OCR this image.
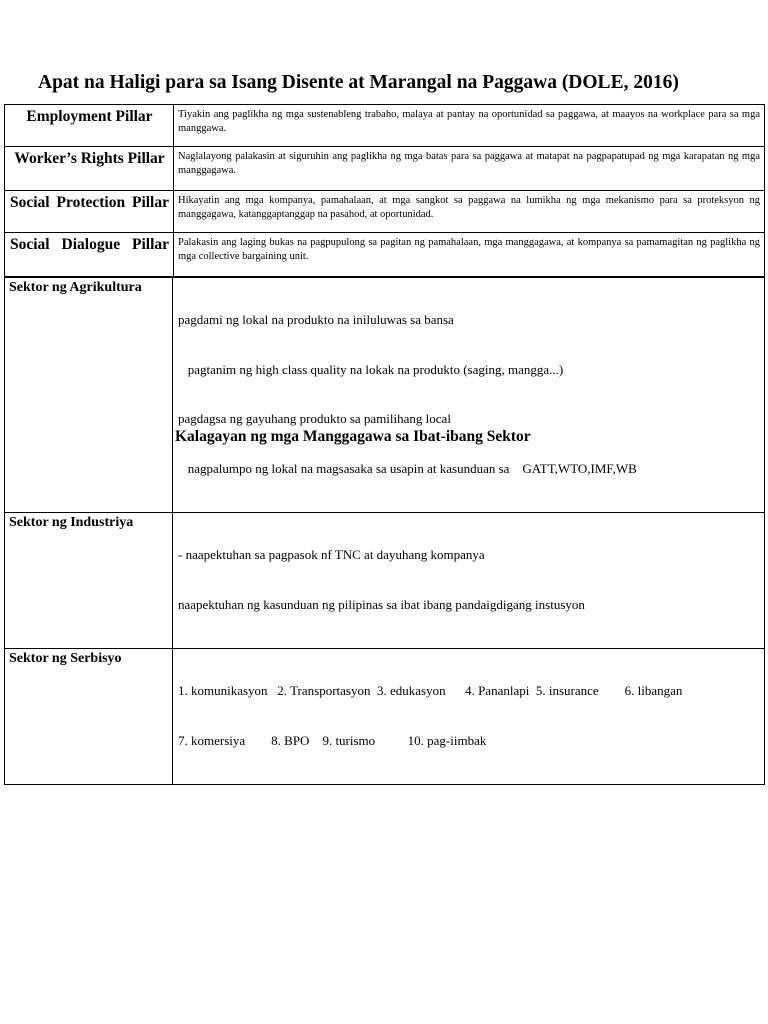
Apat na Haligi para sa Isang Disente at Marangal na Paggawa (DOLE, 2016)
Employment Pillar	Tiyakin ang paglikha ng mga sustenableng trabaho, malaya at pantay na oportunidad sa paggawa, at maayos na workplace para sa mga manggawa.
Worker’s Rights Pillar	Naglalayong palakasin at siguruhin ang paglikha ng mga batas para sa paggawa at matapat na pagpapatupad ng mga karapatan ng mga manggagawa.
Social Protection Pillar	Hikayatin ang mga kompanya, pamahalaan, at mga sangkot sa paggawa na lumikha ng mga mekanismo para sa proteksyon ng manggagawa, katanggaptanggap na pasahod, at oportunidad.
Social Dialogue Pillar	Palakasin ang laging bukas na pagpupulong sa pagitan ng pamahalaan, mga manggagawa, at kompanya sa pamamagitan ng paglikha ng mga collective bargaining unit.
Sektor ng Agrikultura	pagdami ng lokal na produkto na iniluluwas sa bansa

pagtanim ng high class quality na lokak na produkto (saging, mangga...)

pagdagsa ng gayuhang produkto sa pamilihang local

nagpalumpo ng lokal na magsasaka sa usapin at kasunduan sa    GATT,WTO,IMF,WB

Sektor ng Industriya	- naapektuhan sa pagpasok nf TNC at dayuhang kompanya

naapektuhan ng kasunduan ng pilipinas sa ibat ibang pandaigdigang instusyon

Sektor ng Serbisyo	1. komunikasyon   2. Transportasyon  3. edukasyon      4. Pananlapi  5. insurance        6. libangan

7. komersiya        8. BPO    9. turismo          10. pag-iimbak

Kalagayan ng mga Manggagawa sa Ibat-ibang Sektor
